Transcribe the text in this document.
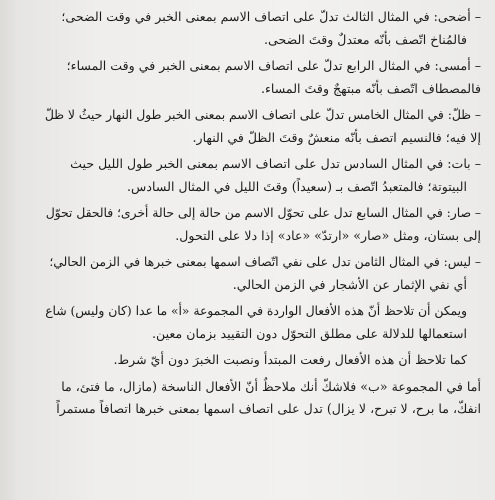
– أضحى: في المثال الثالث تدلّ على اتصاف الاسم بمعنى الخبر في وقت الضحى؛
فالمُناخ اتّصف بأنّه معتدلٌ وقتَ الضحى.

– أمسى: في المثال الرابع تدلّ على اتصاف الاسم بمعنى الخبر في وقت المساء؛
فالمصطاف اتّصف بأنّه مبتهجٌ وقتَ المساء.

– ظلّ: في المثال الخامس تدلّ على اتصاف الاسم بمعنى الخبر طول النهار حيثُ لا ظلّ
إلا فيه؛ فالنسيم اتصف بأنّه منعشٌ وقتَ الظلّ في النهار.

– بات: في المثال السادس تدل على اتصاف الاسم بمعنى الخبر طول الليل حيث
البيتوتة؛ فالمتعبدُ اتّصف بـ (سعيداً) وقتَ الليل في المثال السادس.

– صار: في المثال السابع تدل على تحوّل الاسم من حالة إلى حالة أخرى؛ فالحقل تحوّل
إلى بستان، ومثل «صار» «ارتدّ» «عاد» إذا دلا على التحول.

– ليس: في المثال الثامن تدل على نفي اتّصاف اسمها بمعنى خبرها في الزمن الحالي؛
أي نفي الإثمار عن الأشجار في الزمن الحالي.

ويمكن أن تلاحظ أنّ هذه الأفعال الواردة في المجموعة «أ» ما عدا (كان وليس) شاع
استعمالها للدلالة على مطلق التحوّل دون التقييد بزمان معين.

كما تلاحظ أن هذه الأفعال رفعت المبتدأ ونصبت الخبرَ دون أيّ شرط.

أما في المجموعة «ب» فلاشكّ أنك ملاحظٌ أنّ الأفعال الناسخة (مازال، ما فتئ، ما
انفكّ، ما برح، لا تبرح، لا يزال) تدل على اتصاف اسمها بمعنى خبرها اتصافاً مستمراً
